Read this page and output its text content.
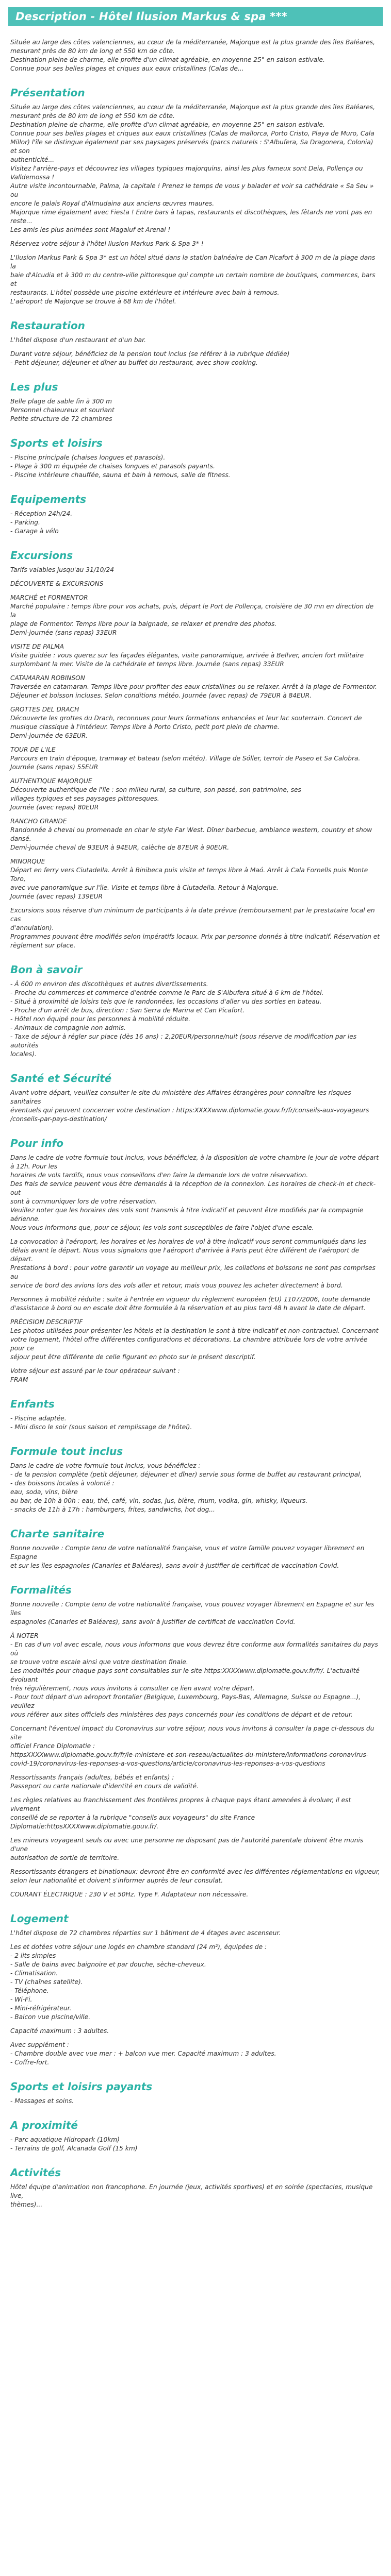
Description - Hôtel Ilusion Markus & spa ***
Située au large des côtes valenciennes, au cœur de la méditerranée, Majorque est la plus grande des îles Baléares,
mesurant près de 80 km de long et 550 km de côte.
Destination pleine de charme, elle profite d'un climat agréable, en moyenne 25° en saison estivale.
Connue pour ses belles plages et criques aux eaux cristallines (Calas de...
Présentation
Située au large des côtes valenciennes, au cœur de la méditerranée, Majorque est la plus grande des îles Baléares,
mesurant près de 80 km de long et 550 km de côte.
Destination pleine de charme, elle profite d'un climat agréable, en moyenne 25° en saison estivale.
Connue pour ses belles plages et criques aux eaux cristallines (Calas de mallorca, Porto Cristo, Playa de Muro, Cala
Millor) l'île se distingue également par ses paysages préservés (parcs naturels : S'Albufera, Sa Dragonera, Colonia) et son
authenticité...
Visitez l'arrière-pays et découvrez les villages typiques majorquins, ainsi les plus fameux sont Deia, Pollença ou
Valldemossa !
Autre visite incontournable, Palma, la capitale ! Prenez le temps de vous y balader et voir sa cathédrale « Sa Seu » ou
encore le palais Royal d'Almudaina aux anciens œuvres maures.
Majorque rime également avec Fiesta ! Entre bars à tapas, restaurants et discothèques, les fêtards ne vont pas en reste...
Les amis les plus animées sont Magaluf et Arenal !
Réservez votre séjour à l'hôtel Ilusion Markus Park & Spa 3* !
L'Ilusion Markus Park & Spa 3* est un hôtel situé dans la station balnéaire de Can Picafort à 300 m de la plage dans la
baie d'Alcudia et à 300 m du centre-ville pittoresque qui compte un certain nombre de boutiques, commerces, bars et
restaurants. L'hôtel possède une piscine extérieure et intérieure avec bain à remous.
L'aéroport de Majorque se trouve à 68 km de l'hôtel.
Restauration
L'hôtel dispose d'un restaurant et d'un bar.
Durant votre séjour, bénéficiez de la pension tout inclus (se référer à la rubrique dédiée)
- Petit déjeuner, déjeuner et dîner au buffet du restaurant, avec show cooking.
Les plus
Belle plage de sable fin à 300 m
Personnel chaleureux et souriant
Petite structure de 72 chambres
Sports et loisirs
- Piscine principale (chaises longues et parasols).
- Plage à 300 m équipée de chaises longues et parasols payants.
- Piscine intérieure chauffée, sauna et bain à remous, salle de fitness.
Equipements
- Réception 24h/24.
- Parking.
- Garage à vélo
Excursions
Tarifs valables jusqu'au 31/10/24
DÉCOUVERTE & EXCURSIONS
MARCHÉ et FORMENTOR
Marché populaire : temps libre pour vos achats, puis, départ le Port de Pollença, croisière de 30 mn en direction de la
plage de Formentor. Temps libre pour la baignade, se relaxer et prendre des photos.
Demi-journée (sans repas) 33EUR
VISITE DE PALMA
Visite guidée : vous querez sur les façades élégantes, visite panoramique, arrivée à Bellver, ancien fort militaire
surplombant la mer. Visite de la cathédrale et temps libre. Journée (sans repas) 33EUR
CATAMARAN ROBINSON
Traversée en catamaran. Temps libre pour profiter des eaux cristallines ou se relaxer. Arrêt à la plage de Formentor.
Déjeuner et boisson incluses. Selon conditions météo. Journée (avec repas) de 79EUR à 84EUR.
GROTTES DEL DRACH
Découverte les grottes du Drach, reconnues pour leurs formations enhancées et leur lac souterrain. Concert de
musique classique à l'intérieur. Temps libre à Porto Cristo, petit port plein de charme.
Demi-journée de 63EUR.
TOUR DE L'ILE
Parcours en train d'époque, tramway et bateau (selon météo). Village de Sóller, terroir de Paseo et Sa Calobra.
Journée (sans repas) 55EUR
AUTHENTIQUE MAJORQUE
Découverte authentique de l'île : son milieu rural, sa culture, son passé, son patrimoine, ses
villages typiques et ses paysages pittoresques.
Journée (avec repas) 80EUR
RANCHO GRANDE
Randonnée à cheval ou promenade en char le style Far West. Dîner barbecue, ambiance western, country et show
dansé.
Demi-journée cheval de 93EUR à 94EUR, calèche de 87EUR à 90EUR.
MINORQUE
Départ en ferry vers Ciutadella. Arrêt à Binibeca puis visite et temps libre à Maó. Arrêt à Cala Fornells puis Monte Toro,
avec vue panoramique sur l'île. Visite et temps libre à Ciutadella. Retour à Majorque.
Journée (avec repas) 139EUR
Excursions sous réserve d'un minimum de participants à la date prévue (remboursement par le prestataire local en cas
d'annulation).
Programmes pouvant être modifiés selon impératifs locaux. Prix par personne donnés à titre indicatif. Réservation et
règlement sur place.
Bon à savoir
- À 600 m environ des discothèques et autres divertissements.
- Proche du commerces et commerce d'entrée comme le Parc de S'Albufera situé à 6 km de l'hôtel.
- Situé à proximité de loisirs tels que le randonnées, les occasions d'aller vu des sorties en bateau.
- Proche d'un arrêt de bus, direction : San Serra de Marina et Can Picafort.
- Hôtel non équipé pour les personnes à mobilité réduite.
- Animaux de compagnie non admis.
- Taxe de séjour à régler sur place (dès 16 ans) : 2,20EUR/personne/nuit (sous réserve de modification par les autorités
locales).
Santé et Sécurité
Avant votre départ, veuillez consulter le site du ministère des Affaires étrangères pour connaître les risques sanitaires
éventuels qui peuvent concerner votre destination : https:XXXXwww.diplomatie.gouv.fr/fr/conseils-aux-voyageurs
/conseils-par-pays-destination/
Pour info
Dans le cadre de votre formule tout inclus, vous bénéficiez, à la disposition de votre chambre le jour de votre départ à 12h. Pour les
horaires de vols tardifs, nous vous conseillons d'en faire la demande lors de votre réservation.
Des frais de service peuvent vous être demandés à la réception de la connexion. Les horaires de check-in et check-out
sont à communiquer lors de votre réservation.
Veuillez noter que les horaires des vols sont transmis à titre indicatif et peuvent être modifiés par la compagnie
aérienne.
Nous vous informons que, pour ce séjour, les vols sont susceptibles de faire l'objet d'une escale.
La convocation à l'aéroport, les horaires et les horaires de vol à titre indicatif vous seront communiqués dans les
délais avant le départ. Nous vous signalons que l'aéroport d'arrivée à Paris peut être différent de l'aéroport de départ.
Prestations à bord : pour votre garantir un voyage au meilleur prix, les collations et boissons ne sont pas comprises au
service de bord des avions lors des vols aller et retour, mais vous pouvez les acheter directement à bord.
Personnes à mobilité réduite : suite à l'entrée en vigueur du règlement européen (EU) 1107/2006, toute demande
d'assistance à bord ou en escale doit être formulée à la réservation et au plus tard 48 h avant la date de départ.
PRÉCISION DESCRIPTIF
Les photos utilisées pour présenter les hôtels et la destination le sont à titre indicatif et non-contractuel. Concernant
votre logement, l'hôtel offre différentes configurations et décorations. La chambre attribuée lors de votre arrivée pour ce
séjour peut être différente de celle figurant en photo sur le présent descriptif.
Votre séjour est assuré par le tour opérateur suivant :
FRAM
Enfants
- Piscine adaptée.
- Mini disco le soir (sous saison et remplissage de l'hôtel).
Formule tout inclus
Dans le cadre de votre formule tout inclus, vous bénéficiez :
- de la pension complète (petit déjeuner, déjeuner et dîner) servie sous forme de buffet au restaurant principal,
- des boissons locales à volonté :
eau, soda, vins, bière
au bar, de 10h à 00h : eau, thé, café, vin, sodas, jus, bière, rhum, vodka, gin, whisky, liqueurs.
- snacks de 11h à 17h : hamburgers, frites, sandwichs, hot dog...
Charte sanitaire
Bonne nouvelle : Compte tenu de votre nationalité française, vous et votre famille pouvez voyager librement en Espagne
et sur les îles espagnoles (Canaries et Baléares), sans avoir à justifier de certificat de vaccination Covid.
Formalités
Bonne nouvelle : Compte tenu de votre nationalité française, vous pouvez voyager librement en Espagne et sur les îles
espagnoles (Canaries et Baléares), sans avoir à justifier de certificat de vaccination Covid.
À NOTER
- En cas d'un vol avec escale, nous vous informons que vous devrez être conforme aux formalités sanitaires du pays où
se trouve votre escale ainsi que votre destination finale.
Les modalités pour chaque pays sont consultables sur le site https:XXXXwww.diplomatie.gouv.fr/fr/. L'actualité évoluant
très régulièrement, nous vous invitons à consulter ce lien avant votre départ.
- Pour tout départ d'un aéroport frontalier (Belgique, Luxembourg, Pays-Bas, Allemagne, Suisse ou Espagne...), veuillez
vous référer aux sites officiels des ministères des pays concernés pour les conditions de départ et de retour.
Concernant l'éventuel impact du Coronavirus sur votre séjour, nous vous invitons à consulter la page ci-dessous du site
officiel France Diplomatie :
httpsXXXXwww.diplomatie.gouv.fr/fr/le-ministere-et-son-reseau/actualites-du-ministere/informations-coronavirus-
covid-19/coronavirus-les-reponses-a-vos-questions/article/coronavirus-les-reponses-a-vos-questions
Ressortissants français (adultes, bébés et enfants) :
Passeport ou carte nationale d'identité en cours de validité.
Les règles relatives au franchissement des frontières propres à chaque pays étant amenées à évoluer, il est vivement
conseillé de se reporter à la rubrique "conseils aux voyageurs" du site France
Diplomatie:httpsXXXXwww.diplomatie.gouv.fr/.
Les mineurs voyageant seuls ou avec une personne ne disposant pas de l'autorité parentale doivent être munis d'une
autorisation de sortie de territoire.
Ressortissants étrangers et binationaux: devront être en conformité avec les différentes réglementations en vigueur,
selon leur nationalité et doivent s'informer auprès de leur consulat.
COURANT ÉLECTRIQUE : 230 V et 50Hz. Type F. Adaptateur non nécessaire.
Logement
L'hôtel dispose de 72 chambres réparties sur 1 bâtiment de 4 étages avec ascenseur.
Les et dotées votre séjour une logés en chambre standard (24 m²), équipées de :
- 2 lits simples
- Salle de bains avec baignoire et par douche, sèche-cheveux.
- Climatisation.
- TV (chaînes satellite).
- Téléphone.
- Wi-Fi.
- Mini-réfrigérateur.
- Balcon vue piscine/ville.
Capacité maximum : 3 adultes.
Avec supplément :
- Chambre double avec vue mer : + balcon vue mer. Capacité maximum : 3 adultes.
- Coffre-fort.
Sports et loisirs payants
- Massages et soins.
A proximité
- Parc aquatique Hidropark (10km)
- Terrains de golf, Alcanada Golf (15 km)
Activités
Hôtel équipe d'animation non francophone. En journée (jeux, activités sportives) et en soirée (spectacles, musique live,
thèmes)...
